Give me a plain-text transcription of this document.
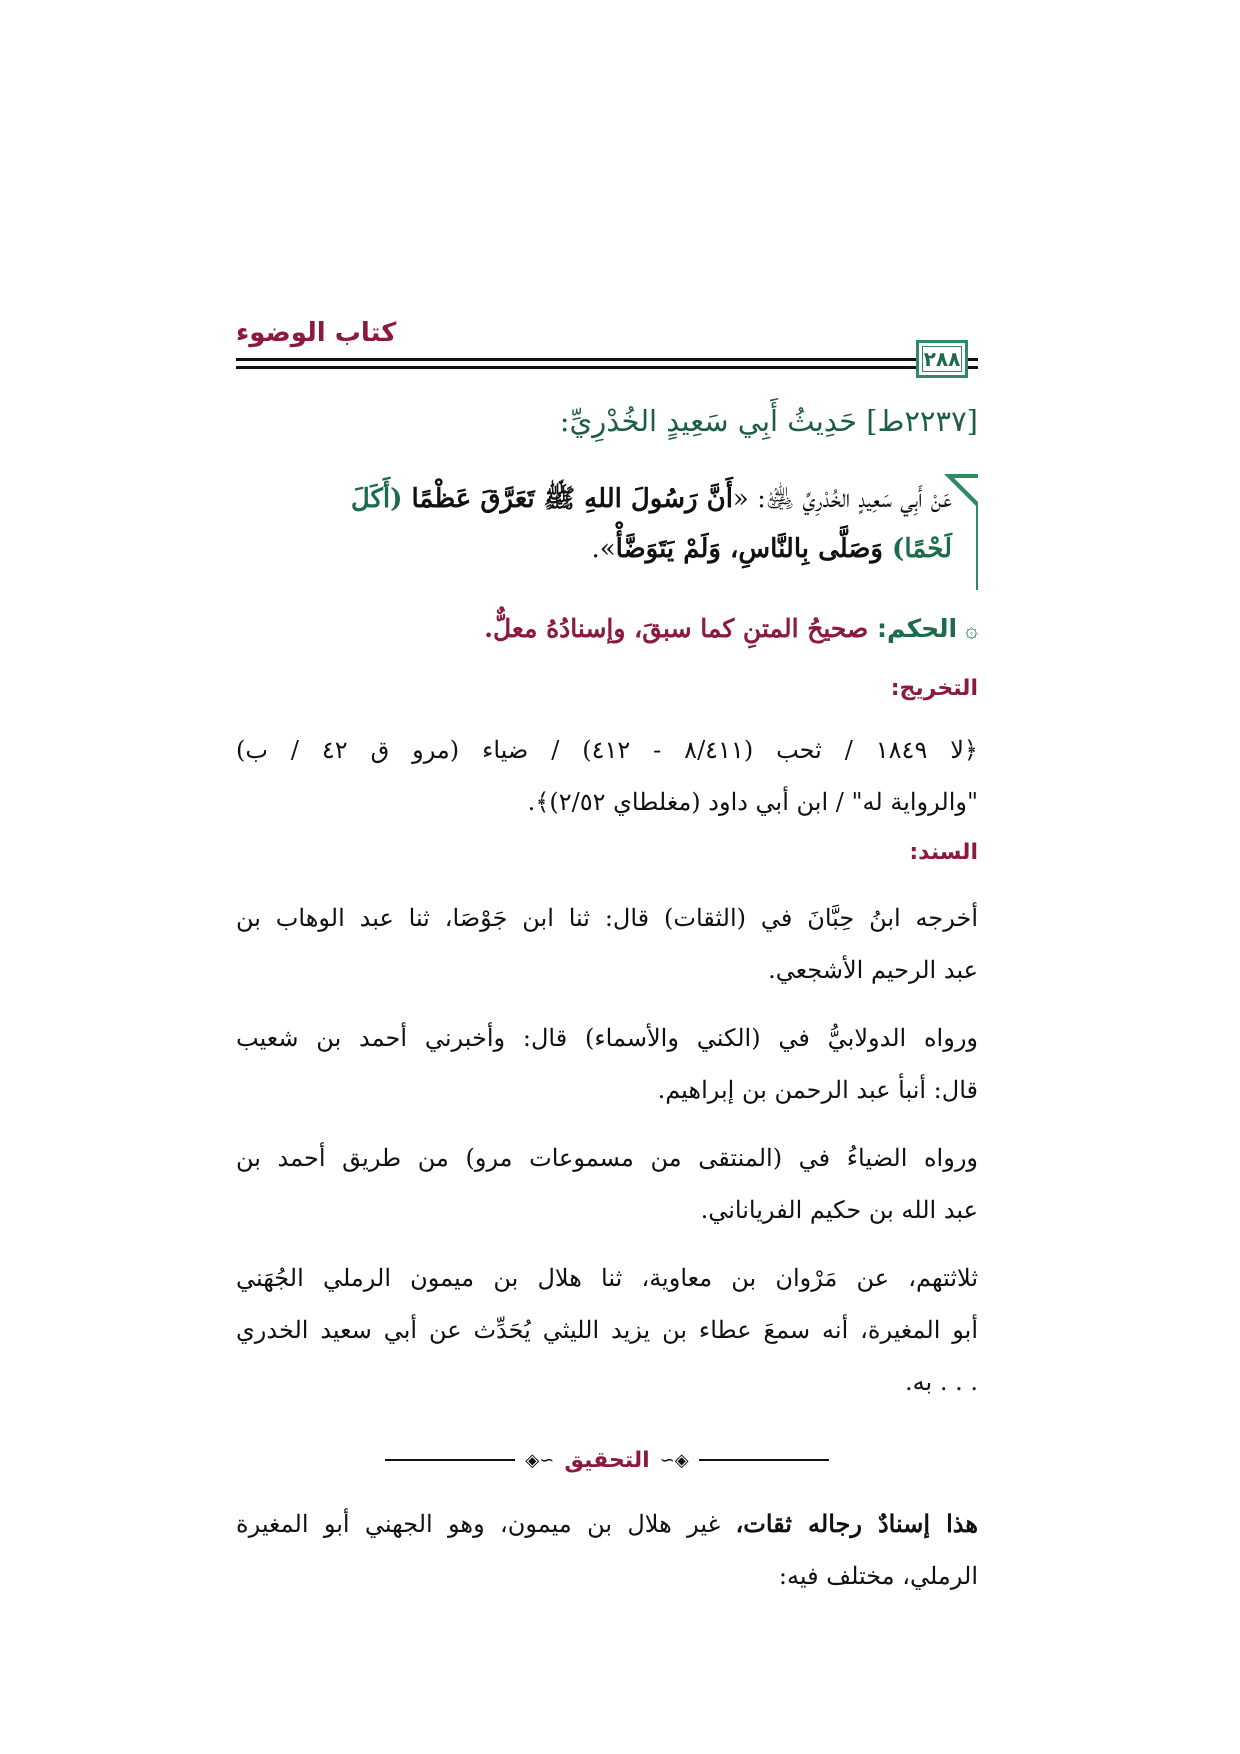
كتاب الوضوء
٢٨٨
[٢٢٣٧ط] حَدِيثُ أَبِي سَعِيدٍ الخُدْرِيِّ:
عَنْ أَبِي سَعِيدٍ الخُدْرِيِّ ﵁: «أَنَّ رَسُولَ اللهِ ﷺ تَعَرَّقَ عَظْمًا (أَكَلَ
لَحْمًا) وَصَلَّى بِالنَّاسِ، وَلَمْ يَتَوَضَّأْ».
۞الحكم: صحيحُ المتنِ كما سبقَ، وإسنادُهُ معلٌّ.
التخريج:
﴿لا ١٨٤٩ / ثحب (٨/٤١١ - ٤١٢) / ضياء (مرو ق ٤٢ / ب)
"والرواية له" / ابن أبي داود (مغلطاي ٢/٥٢)﴾.
السند:
أخرجه ابنُ حِبَّانَ في (الثقات) قال: ثنا ابن جَوْصَا، ثنا عبد الوهاب بن
عبد الرحيم الأشجعي.
ورواه الدولابيُّ في (الكني والأسماء) قال: وأخبرني أحمد بن شعيب
قال: أنبأ عبد الرحمن بن إبراهيم.
ورواه الضياءُ في (المنتقى من مسموعات مرو) من طريق أحمد بن
عبد الله بن حكيم الفرياناني.
ثلاثتهم، عن مَرْوان بن معاوية، ثنا هلال بن ميمون الرملي الجُهَني
أبو المغيرة، أنه سمعَ عطاء بن يزيد الليثي يُحَدِّث عن أبي سعيد الخدري
. . . به.
◈∽ التحقيق ∽◈
هذا إسنادٌ رجاله ثقات، غير هلال بن ميمون، وهو الجهني أبو المغيرة
الرملي، مختلف فيه:
